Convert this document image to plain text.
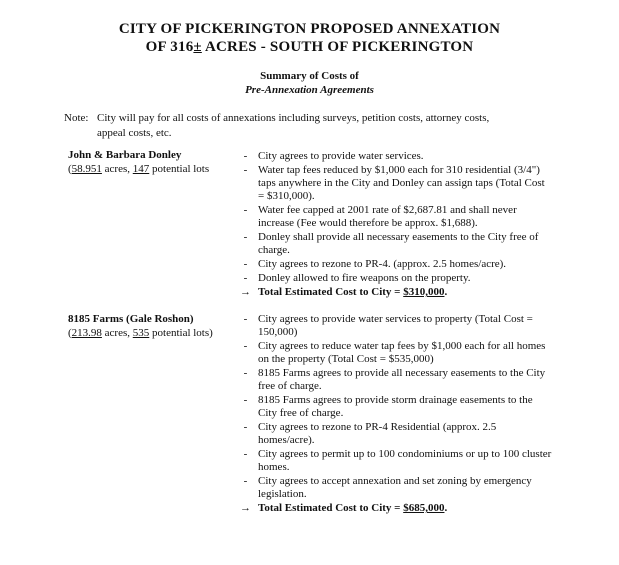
CITY OF PICKERINGTON PROPOSED ANNEXATION
OF 316± ACRES - SOUTH OF PICKERINGTON
Summary of Costs of
Pre-Annexation Agreements
Note: City will pay for all costs of annexations including surveys, petition costs, attorney costs,
appeal costs, etc.
John & Barbara Donley
(58.951 acres, 147 potential lots
- City agrees to provide water services.
- Water tap fees reduced by $1,000 each for 310 residential (3/4") taps anywhere in the City and Donley can assign taps (Total Cost = $310,000).
- Water fee capped at 2001 rate of $2,687.81 and shall never increase (Fee would therefore be approx. $1,688).
- Donley shall provide all necessary easements to the City free of charge.
- City agrees to rezone to PR-4. (approx. 2.5 homes/acre).
- Donley allowed to fire weapons on the property.
→ Total Estimated Cost to City = $310,000.
8185 Farms (Gale Roshon)
(213.98 acres, 535 potential lots)
- City agrees to provide water services to property (Total Cost = 150,000)
- City agrees to reduce water tap fees by $1,000 each for all homes on the property (Total Cost = $535,000)
- 8185 Farms agrees to provide all necessary easements to the City free of charge.
- 8185 Farms agrees to provide storm drainage easements to the City free of charge.
- City agrees to rezone to PR-4 Residential (approx. 2.5 homes/acre).
- City agrees to permit up to 100 condominiums or up to 100 cluster homes.
- City agrees to accept annexation and set zoning by emergency legislation.
→ Total Estimated Cost to City = $685,000.
